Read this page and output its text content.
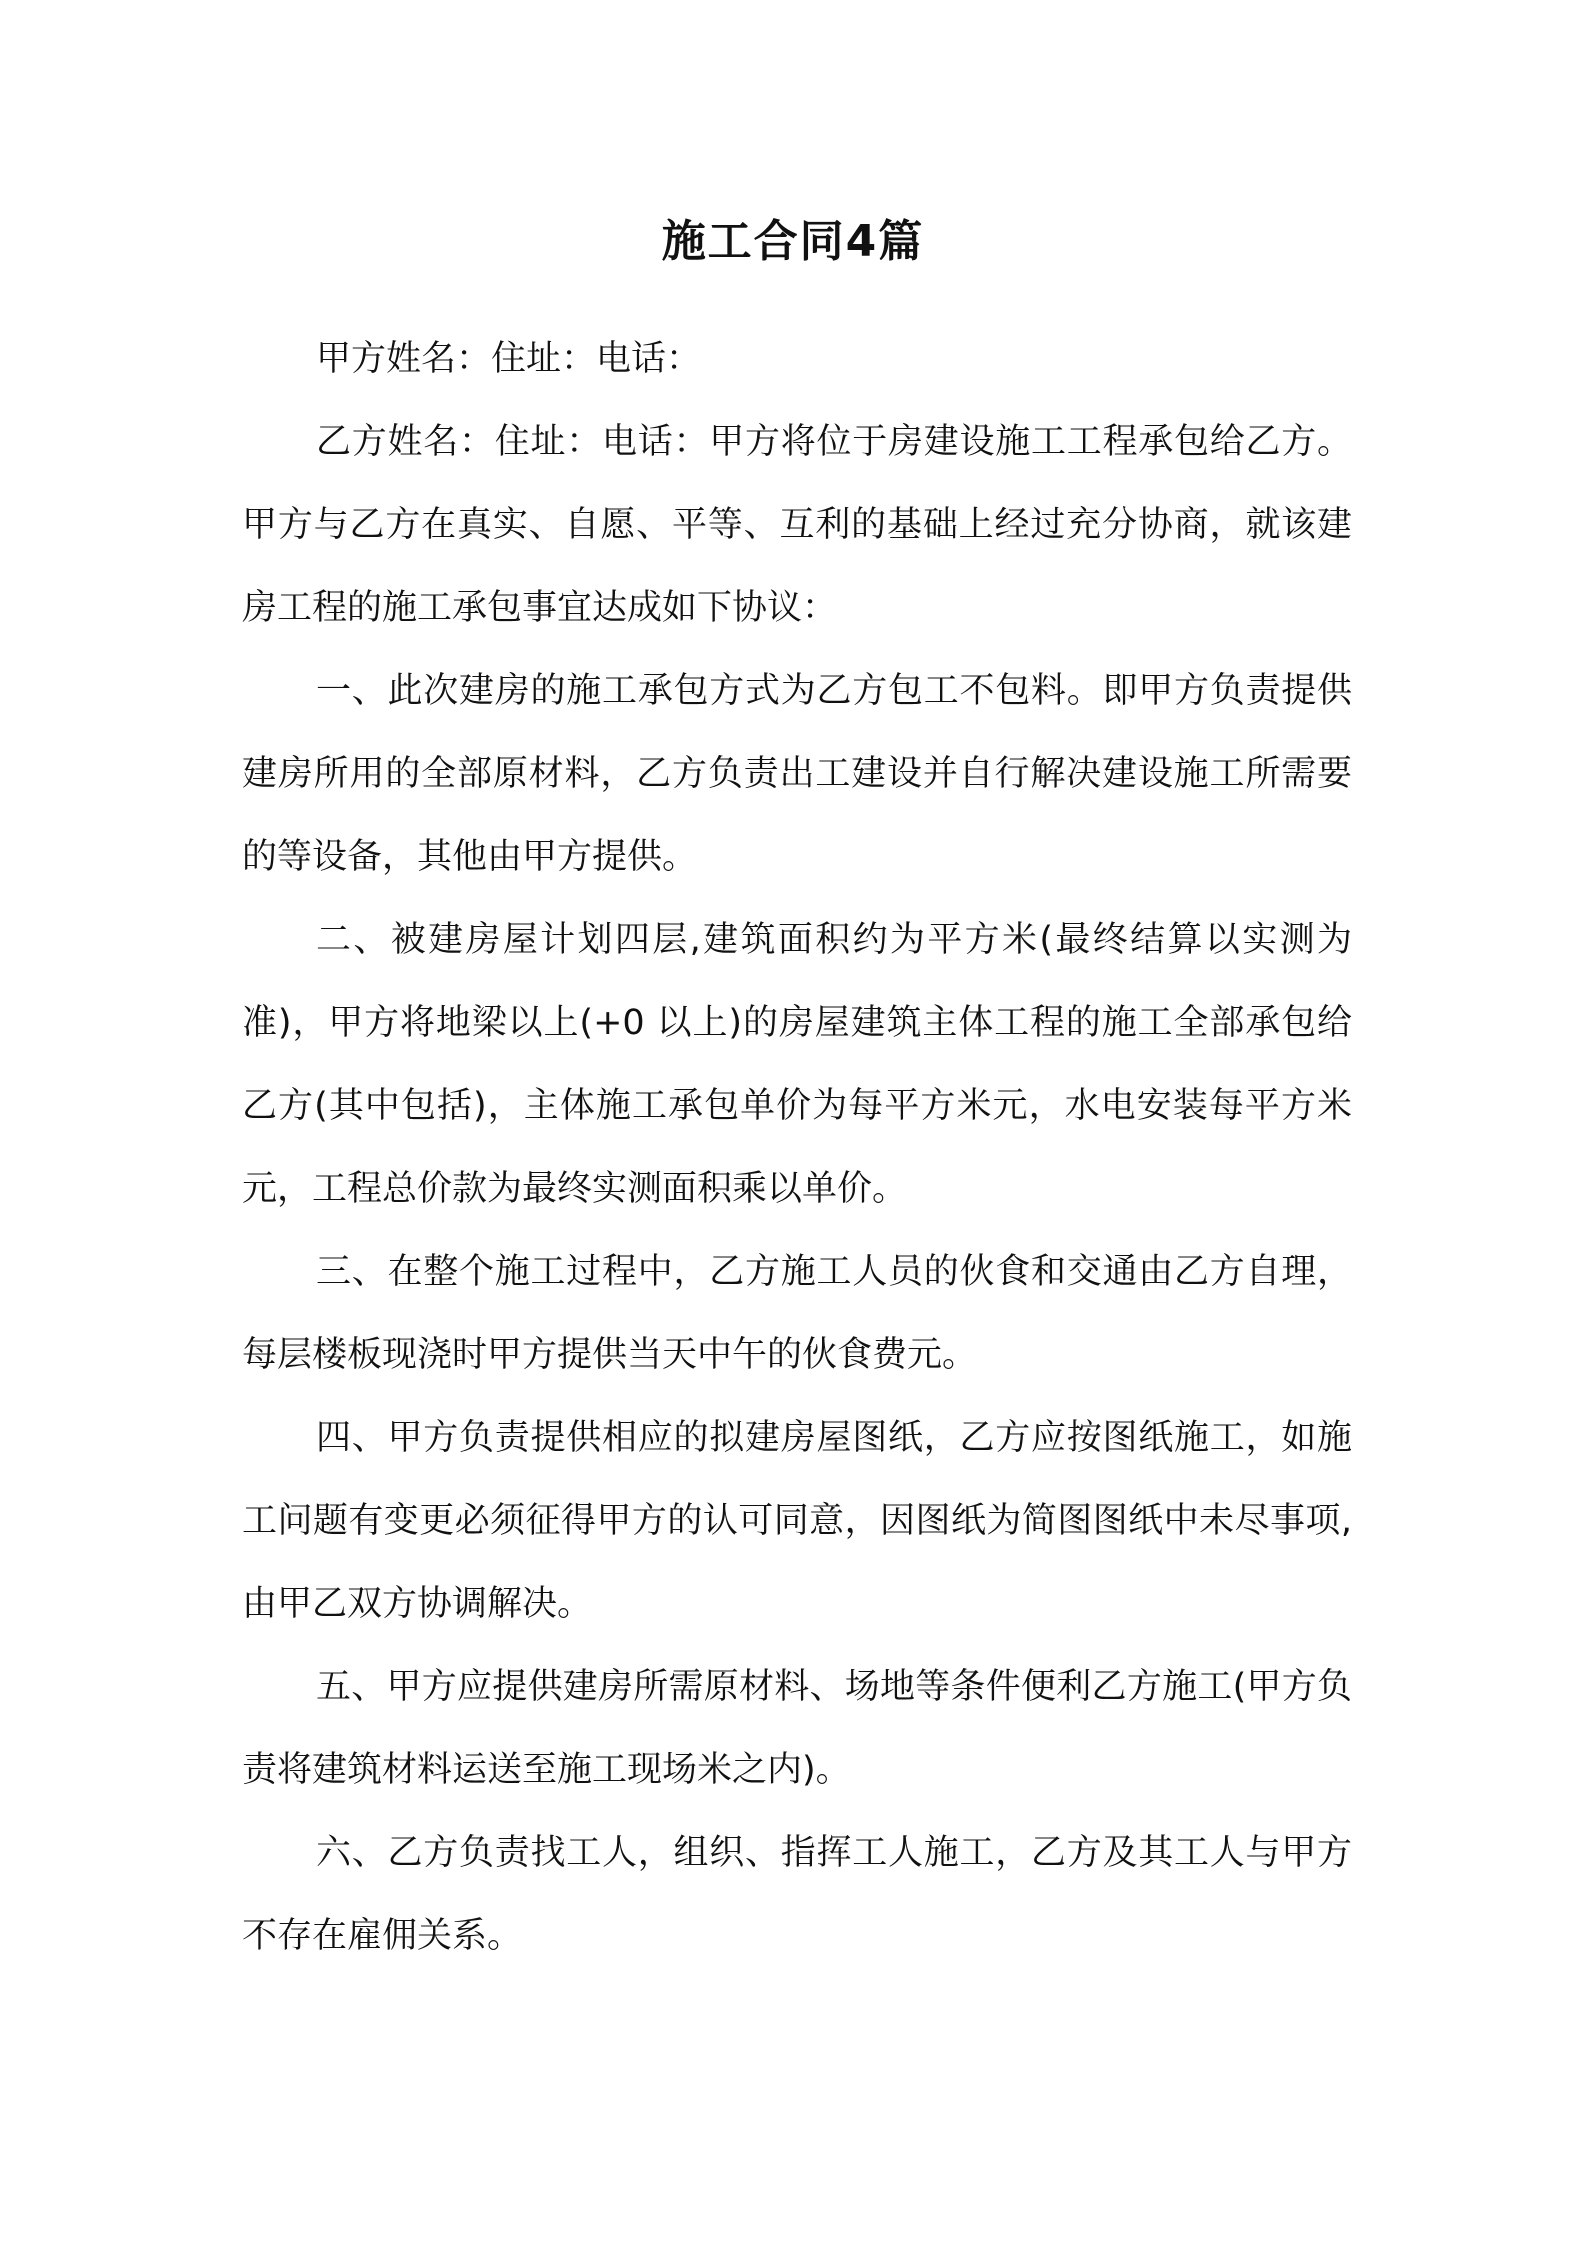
施工合同4篇

甲方姓名：住址：电话：

乙方姓名：住址：电话：甲方将位于房建设施工工程承包给乙方。甲方与乙方在真实、自愿、平等、互利的基础上经过充分协商，就该建房工程的施工承包事宜达成如下协议：

一、此次建房的施工承包方式为乙方包工不包料。即甲方负责提供建房所用的全部原材料，乙方负责出工建设并自行解决建设施工所需要的等设备，其他由甲方提供。

二、被建房屋计划四层,建筑面积约为平方米(最终结算以实测为准)，甲方将地梁以上(+0 以上)的房屋建筑主体工程的施工全部承包给乙方(其中包括)，主体施工承包单价为每平方米元，水电安装每平方米元，工程总价款为最终实测面积乘以单价。

三、在整个施工过程中，乙方施工人员的伙食和交通由乙方自理，每层楼板现浇时甲方提供当天中午的伙食费元。

四、甲方负责提供相应的拟建房屋图纸，乙方应按图纸施工，如施工问题有变更必须征得甲方的认可同意，因图纸为简图图纸中未尽事项,由甲乙双方协调解决。

五、甲方应提供建房所需原材料、场地等条件便利乙方施工(甲方负责将建筑材料运送至施工现场米之内)。

六、乙方负责找工人，组织、指挥工人施工，乙方及其工人与甲方不存在雇佣关系。
